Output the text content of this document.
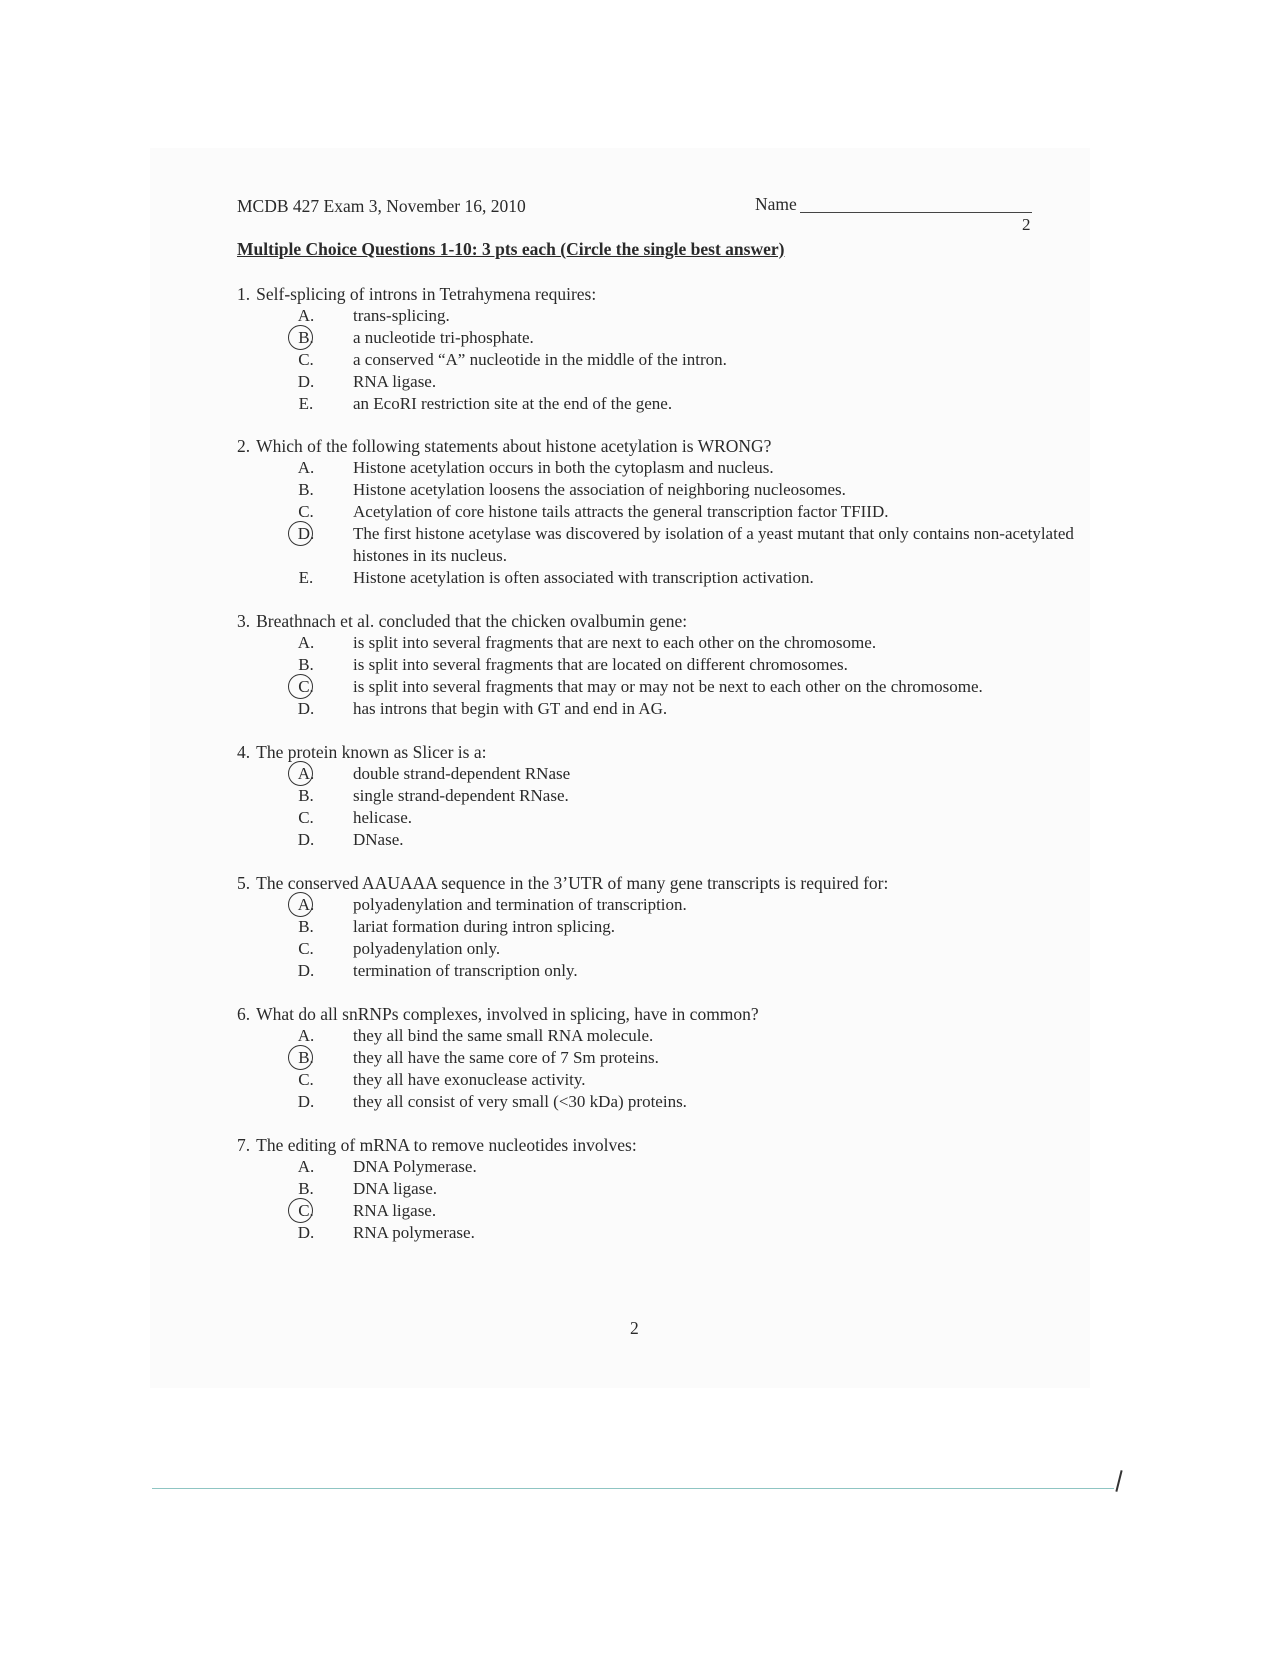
MCDB 427 Exam 3, November 16, 2010	Name
2
Multiple Choice Questions 1-10: 3 pts each (Circle the single best answer)
1. Self-splicing of introns in Tetrahymena requires:
A.	trans-splicing.
B.	a nucleotide tri-phosphate.
C.	a conserved “A” nucleotide in the middle of the intron.
D.	RNA ligase.
E.	an EcoRI restriction site at the end of the gene.
2. Which of the following statements about histone acetylation is WRONG?
A.	Histone acetylation occurs in both the cytoplasm and nucleus.
B.	Histone acetylation loosens the association of neighboring nucleosomes.
C.	Acetylation of core histone tails attracts the general transcription factor TFIID.
D.	The first histone acetylase was discovered by isolation of a yeast mutant that only contains non-acetylated histones in its nucleus.
E.	Histone acetylation is often associated with transcription activation.
3. Breathnach et al. concluded that the chicken ovalbumin gene:
A.	is split into several fragments that are next to each other on the chromosome.
B.	is split into several fragments that are located on different chromosomes.
C.	is split into several fragments that may or may not be next to each other on the chromosome.
D.	has introns that begin with GT and end in AG.
4. The protein known as Slicer is a:
A.	double strand-dependent RNase
B.	single strand-dependent RNase.
C.	helicase.
D.	DNase.
5. The conserved AAUAAA sequence in the 3’UTR of many gene transcripts is required for:
A.	polyadenylation and termination of transcription.
B.	lariat formation during intron splicing.
C.	polyadenylation only.
D.	termination of transcription only.
6. What do all snRNPs complexes, involved in splicing, have in common?
A.	they all bind the same small RNA molecule.
B.	they all have the same core of 7 Sm proteins.
C.	they all have exonuclease activity.
D.	they all consist of very small (<30 kDa) proteins.
7. The editing of mRNA to remove nucleotides involves:
A.	DNA Polymerase.
B.	DNA ligase.
C.	RNA ligase.
D.	RNA polymerase.
2
